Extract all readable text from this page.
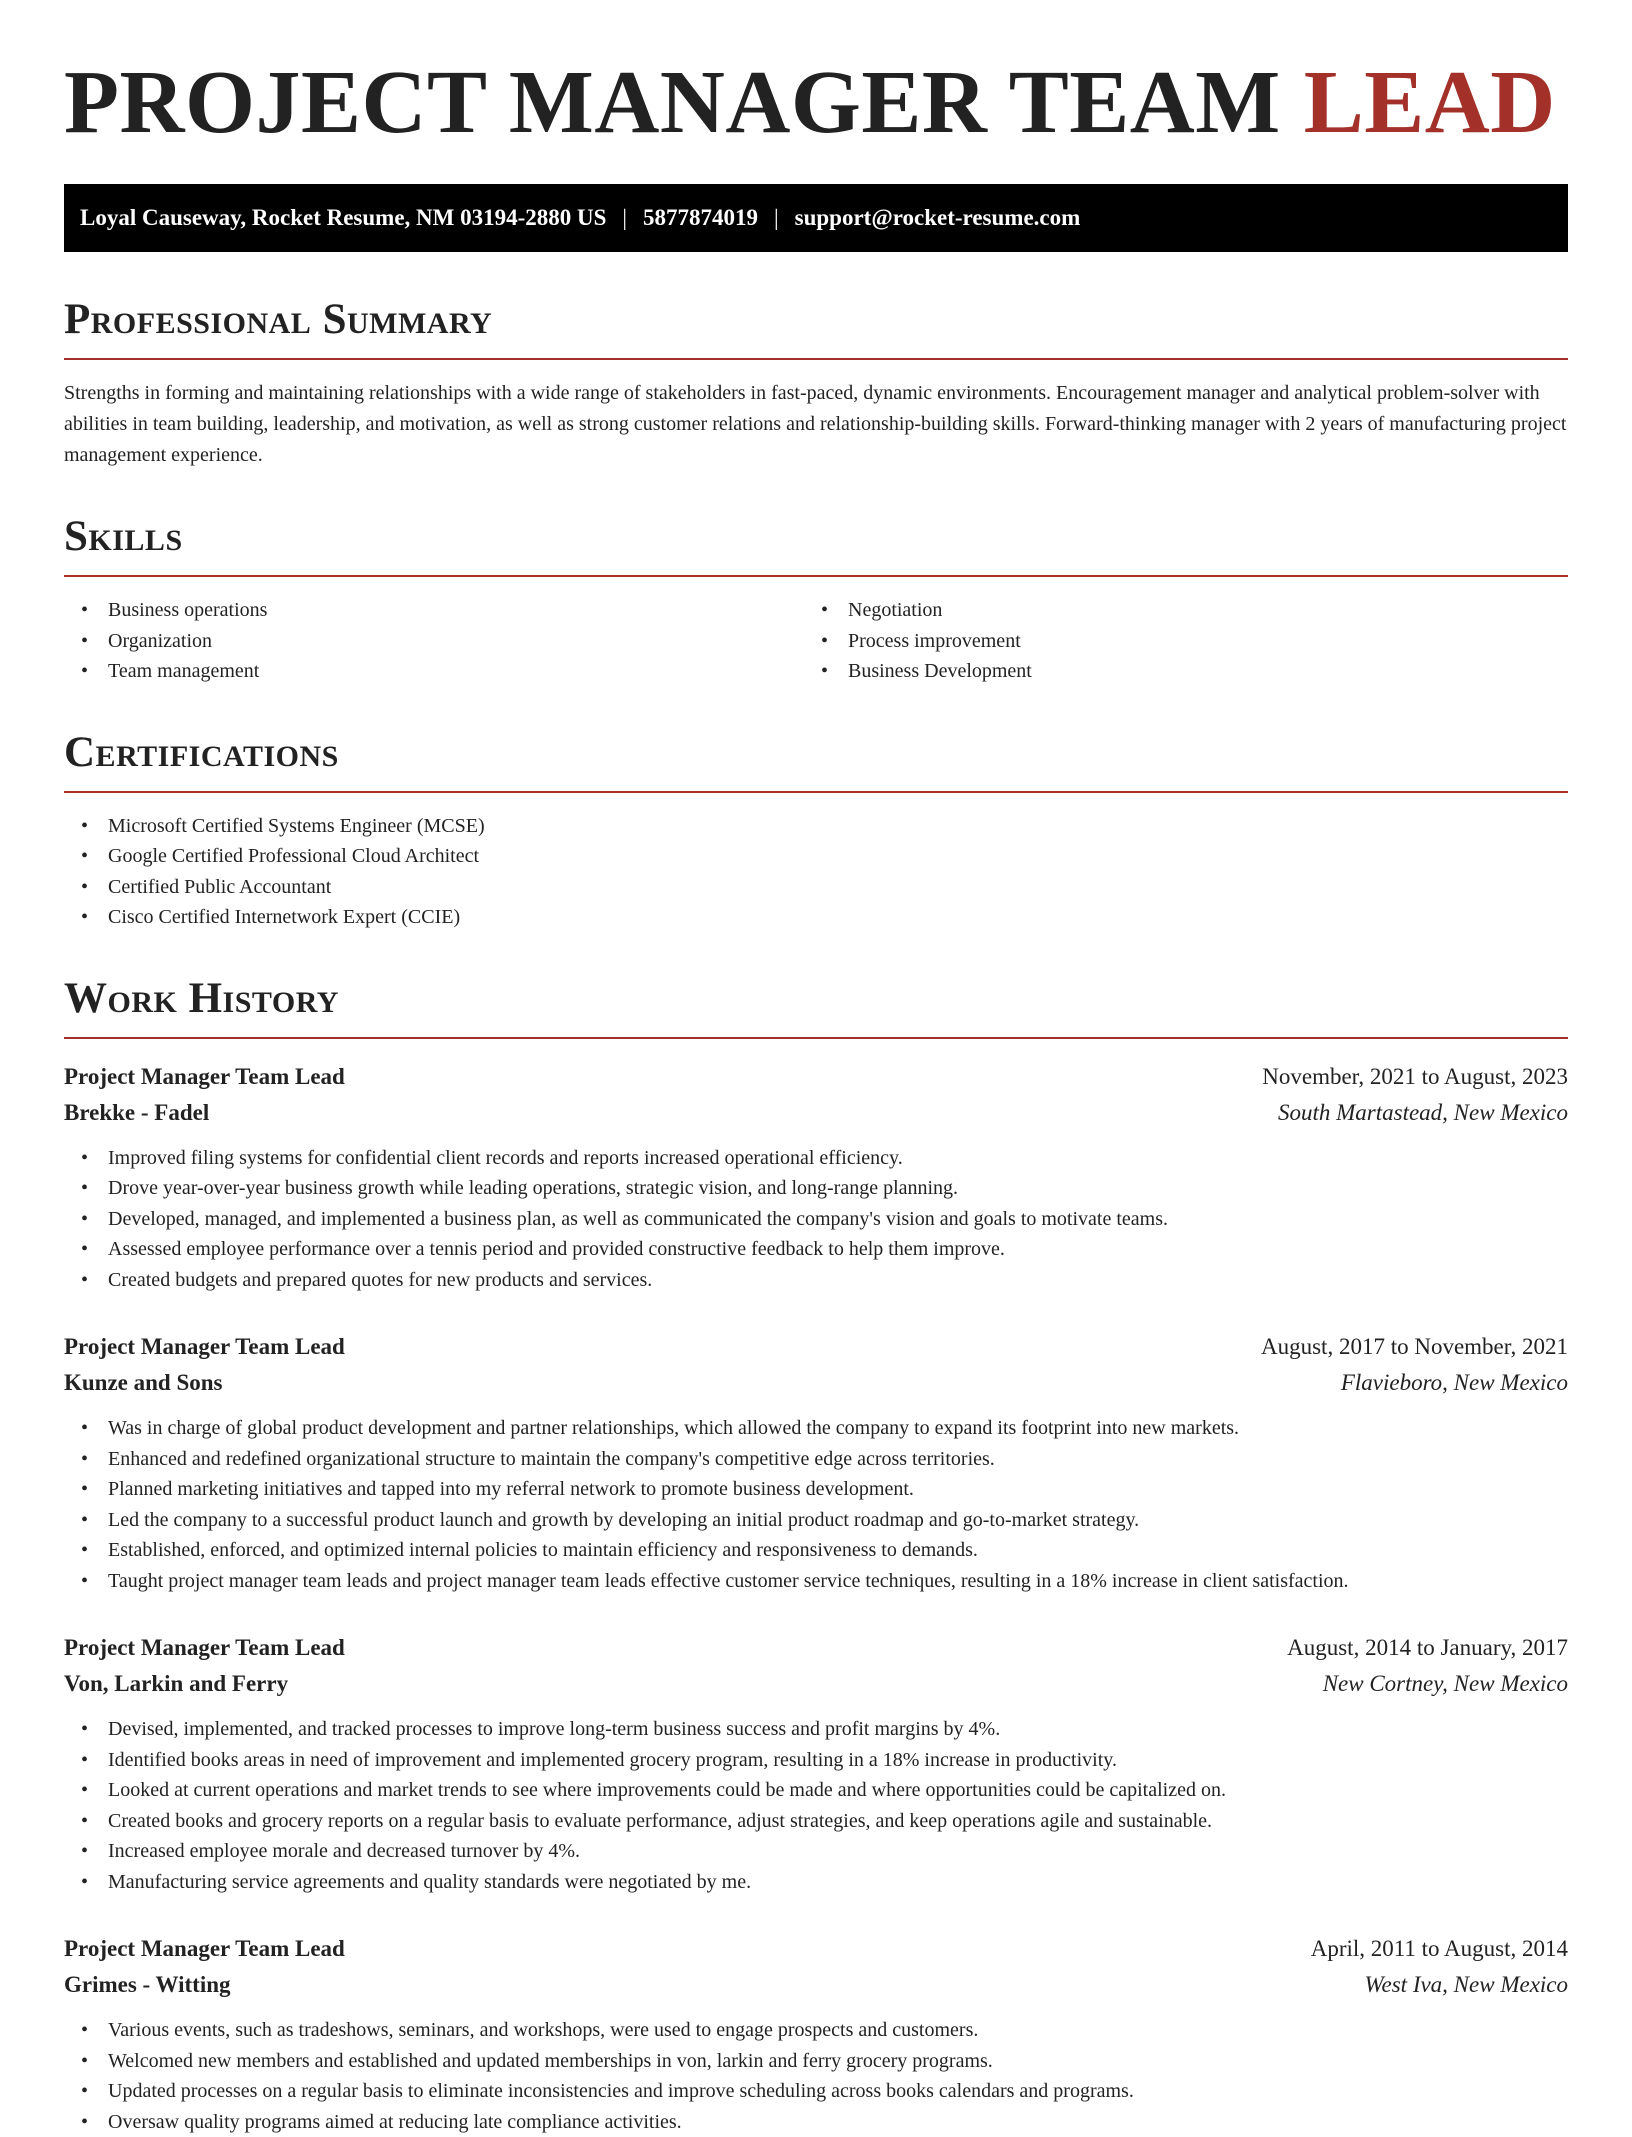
PROJECT MANAGER TEAM LEAD
Loyal Causeway, Rocket Resume, NM 03194-2880 US | 5877874019 | support@rocket-resume.com
Professional Summary

Strengths in forming and maintaining relationships with a wide range of stakeholders in fast-paced, dynamic environments. Encouragement manager and analytical problem-solver with abilities in team building, leadership, and motivation, as well as strong customer relations and relationship-building skills. Forward-thinking manager with 2 years of manufacturing project management experience.

Skills
• Business operations
• Organization
• Team management
• Negotiation
• Process improvement
• Business Development
Certifications
• Microsoft Certified Systems Engineer (MCSE)
• Google Certified Professional Cloud Architect
• Certified Public Accountant
• Cisco Certified Internetwork Expert (CCIE)
Work History
Project Manager Team Lead	November, 2021 to August, 2023
Brekke - Fadel	South Martastead, New Mexico
• Improved filing systems for confidential client records and reports increased operational efficiency.
• Drove year-over-year business growth while leading operations, strategic vision, and long-range planning.
• Developed, managed, and implemented a business plan, as well as communicated the company's vision and goals to motivate teams.
• Assessed employee performance over a tennis period and provided constructive feedback to help them improve.
• Created budgets and prepared quotes for new products and services.
Project Manager Team Lead	August, 2017 to November, 2021
Kunze and Sons	Flavieboro, New Mexico
• Was in charge of global product development and partner relationships, which allowed the company to expand its footprint into new markets.
• Enhanced and redefined organizational structure to maintain the company's competitive edge across territories.
• Planned marketing initiatives and tapped into my referral network to promote business development.
• Led the company to a successful product launch and growth by developing an initial product roadmap and go-to-market strategy.
• Established, enforced, and optimized internal policies to maintain efficiency and responsiveness to demands.
• Taught project manager team leads and project manager team leads effective customer service techniques, resulting in a 18% increase in client satisfaction.
Project Manager Team Lead	August, 2014 to January, 2017
Von, Larkin and Ferry	New Cortney, New Mexico
• Devised, implemented, and tracked processes to improve long-term business success and profit margins by 4%.
• Identified books areas in need of improvement and implemented grocery program, resulting in a 18% increase in productivity.
• Looked at current operations and market trends to see where improvements could be made and where opportunities could be capitalized on.
• Created books and grocery reports on a regular basis to evaluate performance, adjust strategies, and keep operations agile and sustainable.
• Increased employee morale and decreased turnover by 4%.
• Manufacturing service agreements and quality standards were negotiated by me.
Project Manager Team Lead	April, 2011 to August, 2014
Grimes - Witting	West Iva, New Mexico
• Various events, such as tradeshows, seminars, and workshops, were used to engage prospects and customers.
• Welcomed new members and established and updated memberships in von, larkin and ferry grocery programs.
• Updated processes on a regular basis to eliminate inconsistencies and improve scheduling across books calendars and programs.
• Oversaw quality programs aimed at reducing late compliance activities.
